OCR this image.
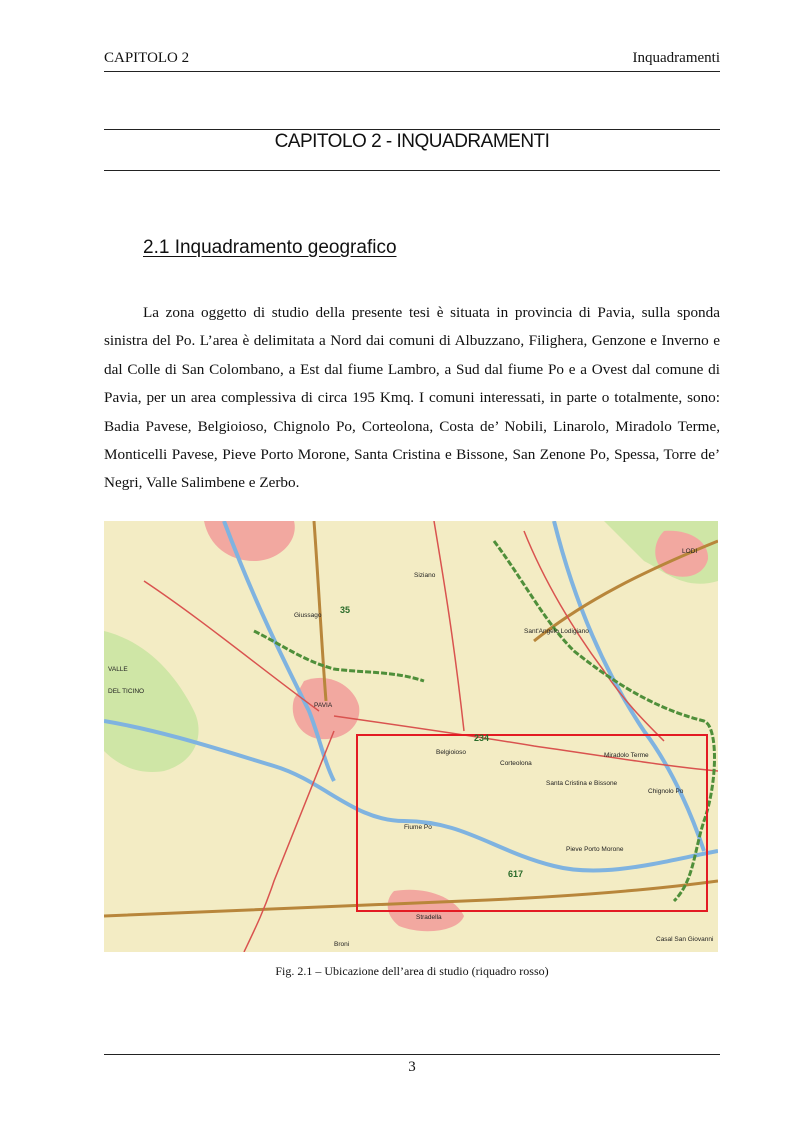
CAPITOLO 2	Inquadramenti
CAPITOLO 2 - INQUADRAMENTI
2.1 Inquadramento geografico

La zona oggetto di studio della presente tesi è situata in provincia di Pavia, sulla sponda sinistra del Po. L’area è delimitata a Nord dai comuni di Albuzzano, Filighera, Genzone e Inverno e dal Colle di San Colombano, a Est dal fiume Lambro, a Sud dal fiume Po e a Ovest dal comune di Pavia, per un area complessiva di circa 195 Kmq. I comuni interessati, in parte o totalmente, sono: Badia Pavese, Belgioioso, Chignolo Po, Corteolona, Costa de’ Nobili, Linarolo, Miradolo Terme, Monticelli Pavese, Pieve Porto Morone, Santa Cristina e Bissone, San Zenone Po, Spessa, Torre de’ Negri, Valle Salimbene e Zerbo.

PAVIA
LODI
DEL TICINO
VALLE
Belgioioso
Corteolona
Santa Cristina e Bissone
Chignolo Po
Miradolo Terme
Pieve Porto Morone
Casal San Giovanni
Fiume Po
Sant'Angelo Lodigiano
Giussago
Siziano
Broni
Stradella
35
234
617
Fig. 2.1 – Ubicazione dell’area di studio (riquadro rosso)
3
